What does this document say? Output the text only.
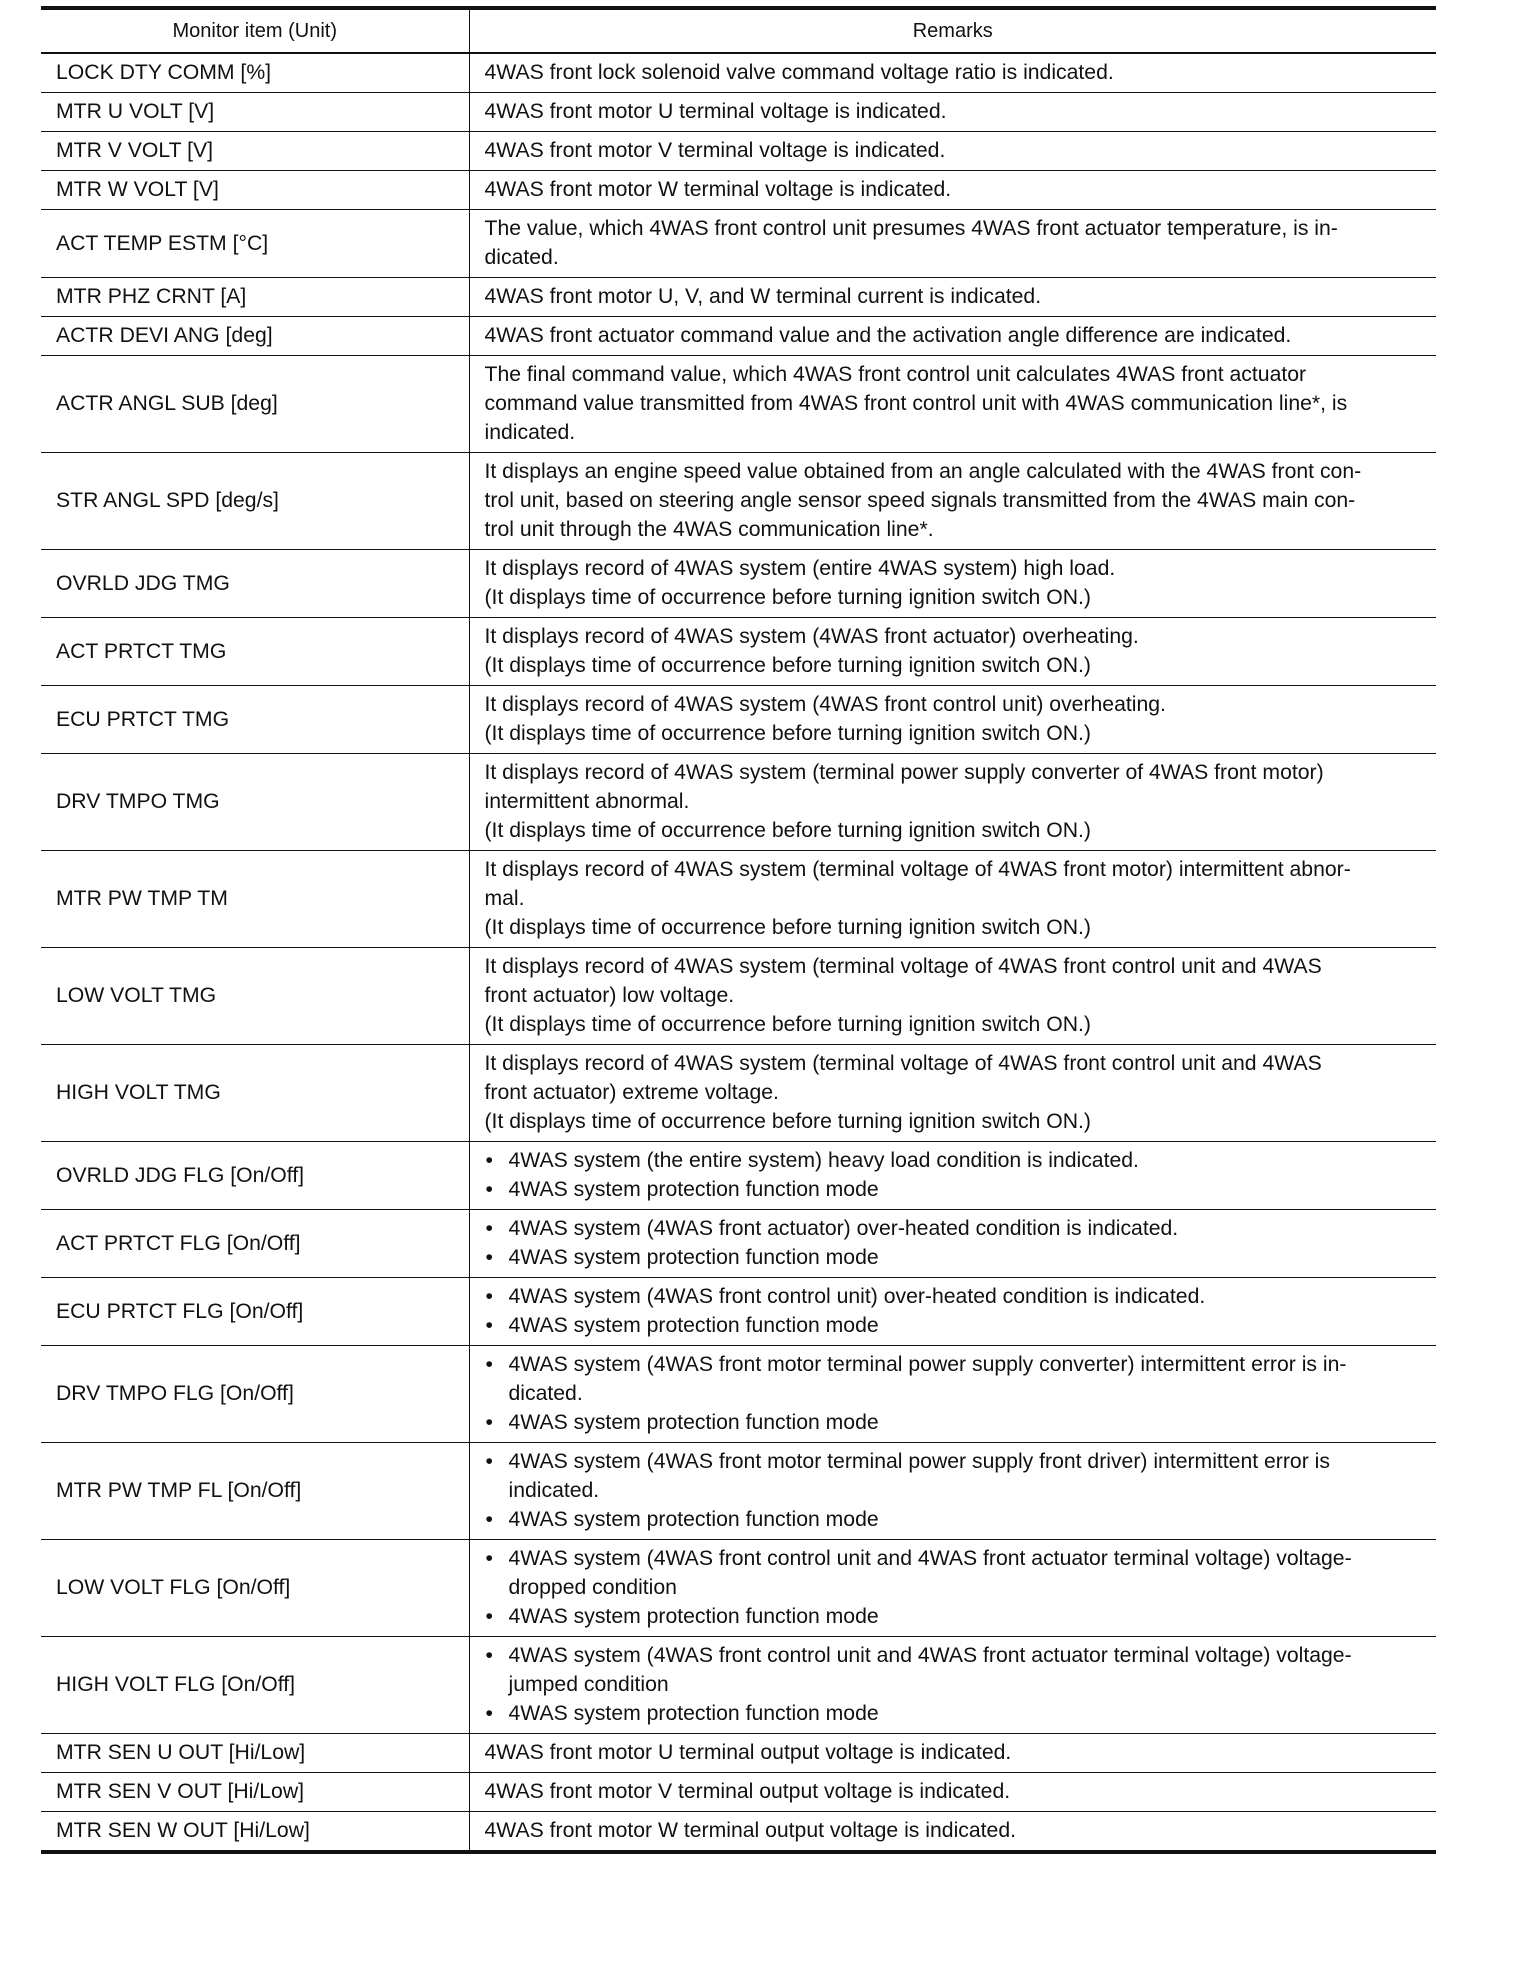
Monitor item (Unit)	Remarks
LOCK DTY COMM [%]	4WAS front lock solenoid valve command voltage ratio is indicated.

MTR U VOLT [V]	4WAS front motor U terminal voltage is indicated.

MTR V VOLT [V]	4WAS front motor V terminal voltage is indicated.

MTR W VOLT [V]	4WAS front motor W terminal voltage is indicated.

ACT TEMP ESTM [°C]	The value, which 4WAS front control unit presumes 4WAS front actuator temperature, is in-
dicated.

MTR PHZ CRNT [A]	4WAS front motor U, V, and W terminal current is indicated.

ACTR DEVI ANG [deg]	4WAS front actuator command value and the activation angle difference are indicated.

ACTR ANGL SUB [deg]	The final command value, which 4WAS front control unit calculates 4WAS front actuator
command value transmitted from 4WAS front control unit with 4WAS communication line*, is
indicated.

STR ANGL SPD [deg/s]	It displays an engine speed value obtained from an angle calculated with the 4WAS front con-
trol unit, based on steering angle sensor speed signals transmitted from the 4WAS main con-
trol unit through the 4WAS communication line*.

OVRLD JDG TMG	It displays record of 4WAS system (entire 4WAS system) high load.
(It displays time of occurrence before turning ignition switch ON.)

ACT PRTCT TMG	It displays record of 4WAS system (4WAS front actuator) overheating.
(It displays time of occurrence before turning ignition switch ON.)

ECU PRTCT TMG	It displays record of 4WAS system (4WAS front control unit) overheating.
(It displays time of occurrence before turning ignition switch ON.)

DRV TMPO TMG	It displays record of 4WAS system (terminal power supply converter of 4WAS front motor)
intermittent abnormal.
(It displays time of occurrence before turning ignition switch ON.)

MTR PW TMP TM	It displays record of 4WAS system (terminal voltage of 4WAS front motor) intermittent abnor-
mal.
(It displays time of occurrence before turning ignition switch ON.)

LOW VOLT TMG	It displays record of 4WAS system (terminal voltage of 4WAS front control unit and 4WAS
front actuator) low voltage.
(It displays time of occurrence before turning ignition switch ON.)

HIGH VOLT TMG	It displays record of 4WAS system (terminal voltage of 4WAS front control unit and 4WAS
front actuator) extreme voltage.
(It displays time of occurrence before turning ignition switch ON.)

OVRLD JDG FLG [On/Off]	• 4WAS system (the entire system) heavy load condition is indicated.
• 4WAS system protection function mode

ACT PRTCT FLG [On/Off]	• 4WAS system (4WAS front actuator) over-heated condition is indicated.
• 4WAS system protection function mode

ECU PRTCT FLG [On/Off]	• 4WAS system (4WAS front control unit) over-heated condition is indicated.
• 4WAS system protection function mode

DRV TMPO FLG [On/Off]	• 4WAS system (4WAS front motor terminal power supply converter) intermittent error is in-
dicated.
• 4WAS system protection function mode

MTR PW TMP FL [On/Off]	• 4WAS system (4WAS front motor terminal power supply front driver) intermittent error is
indicated.
• 4WAS system protection function mode

LOW VOLT FLG [On/Off]	• 4WAS system (4WAS front control unit and 4WAS front actuator terminal voltage) voltage-
dropped condition
• 4WAS system protection function mode

HIGH VOLT FLG [On/Off]	• 4WAS system (4WAS front control unit and 4WAS front actuator terminal voltage) voltage-
jumped condition
• 4WAS system protection function mode

MTR SEN U OUT [Hi/Low]	4WAS front motor U terminal output voltage is indicated.

MTR SEN V OUT [Hi/Low]	4WAS front motor V terminal output voltage is indicated.

MTR SEN W OUT [Hi/Low]	4WAS front motor W terminal output voltage is indicated.
